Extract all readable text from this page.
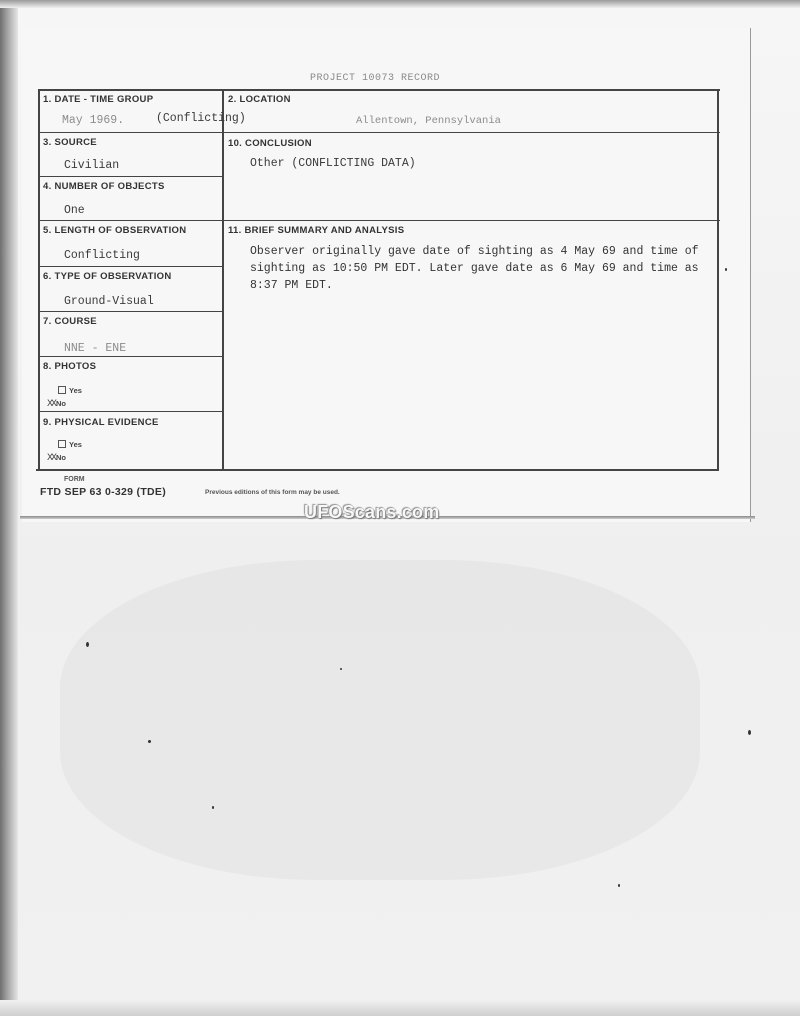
PROJECT 10073 RECORD
1. DATE - TIME GROUP
May 1969.	(Conflicting)
2. LOCATION
Allentown, Pennsylvania
3. SOURCE
Civilian
4. NUMBER OF OBJECTS
One
5. LENGTH OF OBSERVATION
Conflicting
6. TYPE OF OBSERVATION
Ground-Visual
7. COURSE
NNE - ENE
8. PHOTOS
Yes
XXNo
9. PHYSICAL EVIDENCE
Yes
XXNo
10. CONCLUSION
Other (CONFLICTING DATA)
11. BRIEF SUMMARY AND ANALYSIS
Observer originally gave date of sighting as 4 May 69 and time of sighting as 10:50 PM EDT. Later gave date as 6 May 69 and time as 8:37 PM EDT.
FORM
FTD SEP 63 0-329 (TDE)	Previous editions of this form may be used.
UFOScans.com
